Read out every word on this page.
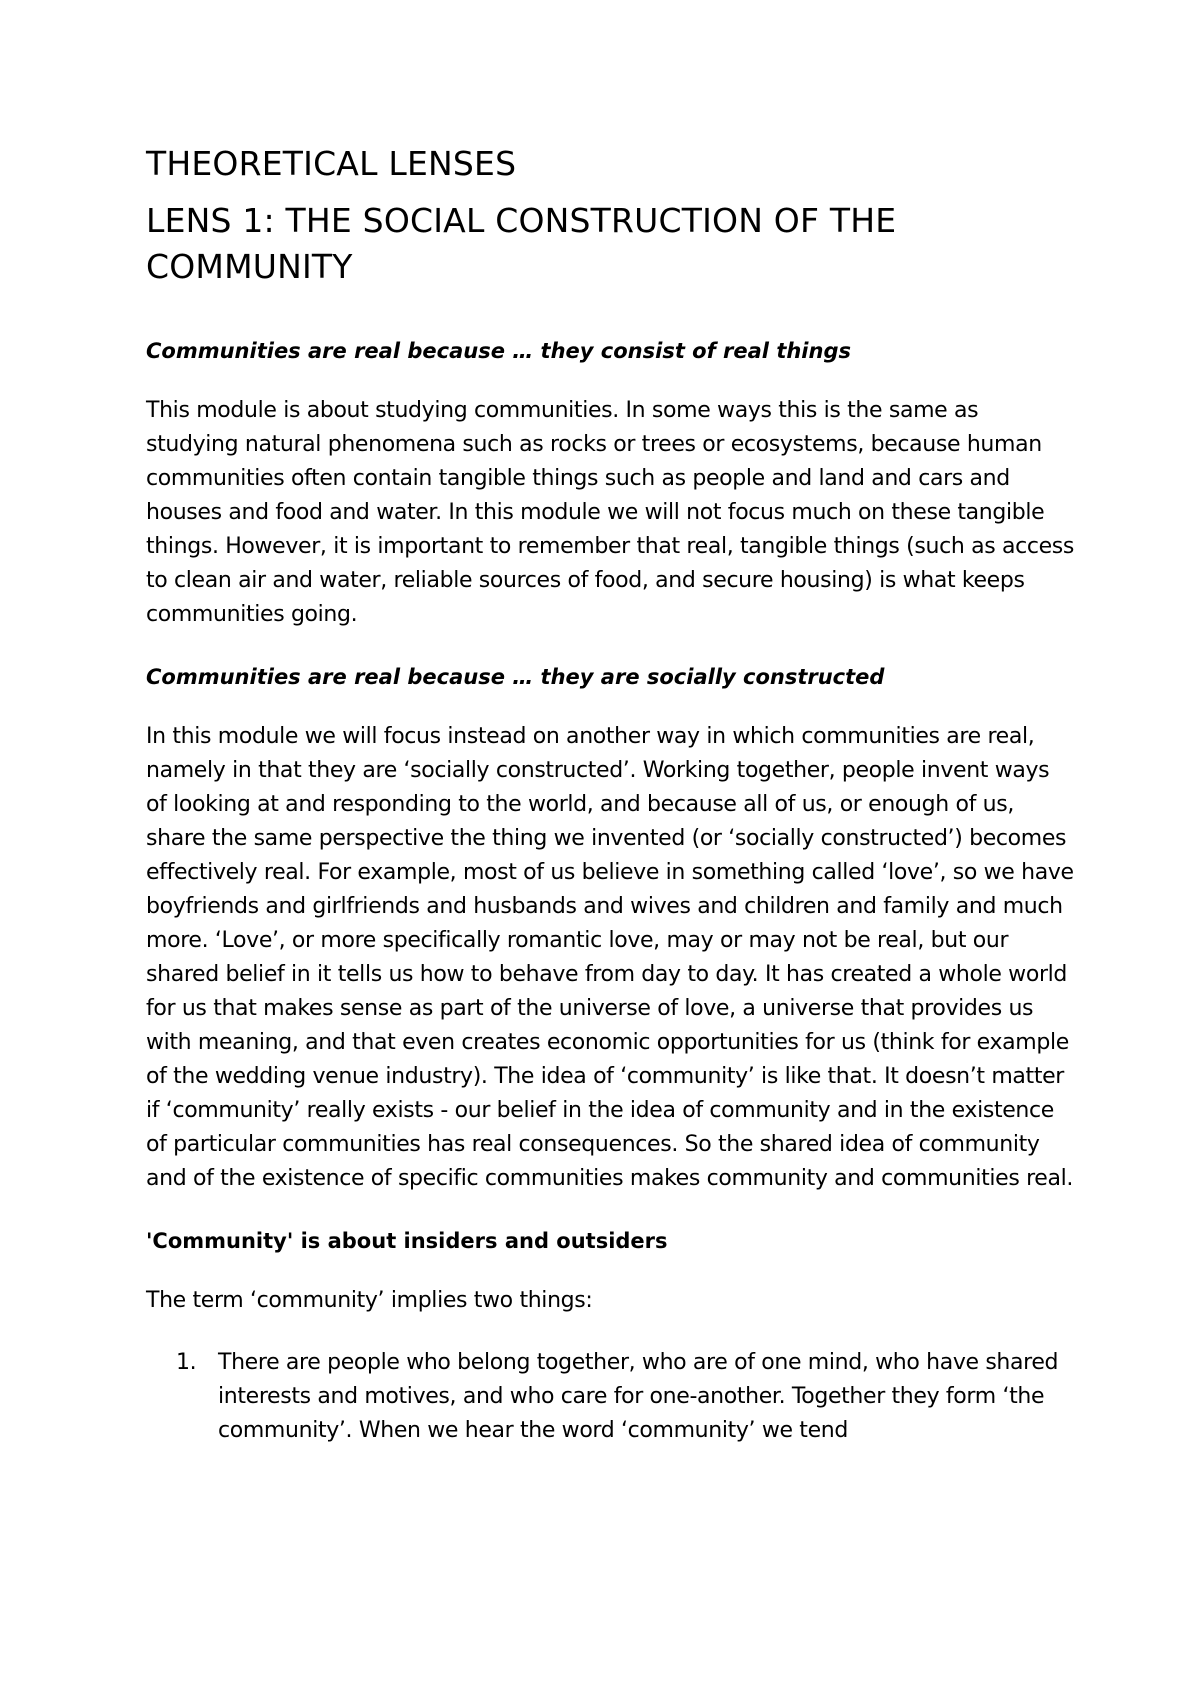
THEORETICAL LENSES
LENS 1: THE SOCIAL CONSTRUCTION OF THE COMMUNITY

Communities are real because … they consist of real things

This module is about studying communities. In some ways this is the same as studying natural phenomena such as rocks or trees or ecosystems, because human communities often contain tangible things such as people and land and cars and houses and food and water. In this module we will not focus much on these tangible things. However, it is important to remember that real, tangible things (such as access to clean air and water, reliable sources of food, and secure housing) is what keeps communities going.

Communities are real because … they are socially constructed

In this module we will focus instead on another way in which communities are real, namely in that they are ‘socially constructed’. Working together, people invent ways of looking at and responding to the world, and because all of us, or enough of us, share the same perspective the thing we invented (or ‘socially constructed’) becomes effectively real. For example, most of us believe in something called ‘love’, so we have boyfriends and girlfriends and husbands and wives and children and family and much more. ‘Love’, or more specifically romantic love, may or may not be real, but our shared belief in it tells us how to behave from day to day. It has created a whole world for us that makes sense as part of the universe of love, a universe that provides us with meaning, and that even creates economic opportunities for us (think for example of the wedding venue industry). The idea of ‘community’ is like that. It doesn’t matter if ‘community’ really exists - our belief in the idea of community and in the existence of particular communities has real consequences. So the shared idea of community and of the existence of specific communities makes community and communities real.

'Community' is about insiders and outsiders

The term ‘community’ implies two things:

1. There are people who belong together, who are of one mind, who have shared interests and motives, and who care for one-another. Together they form ‘the community’. When we hear the word ‘community’ we tend
